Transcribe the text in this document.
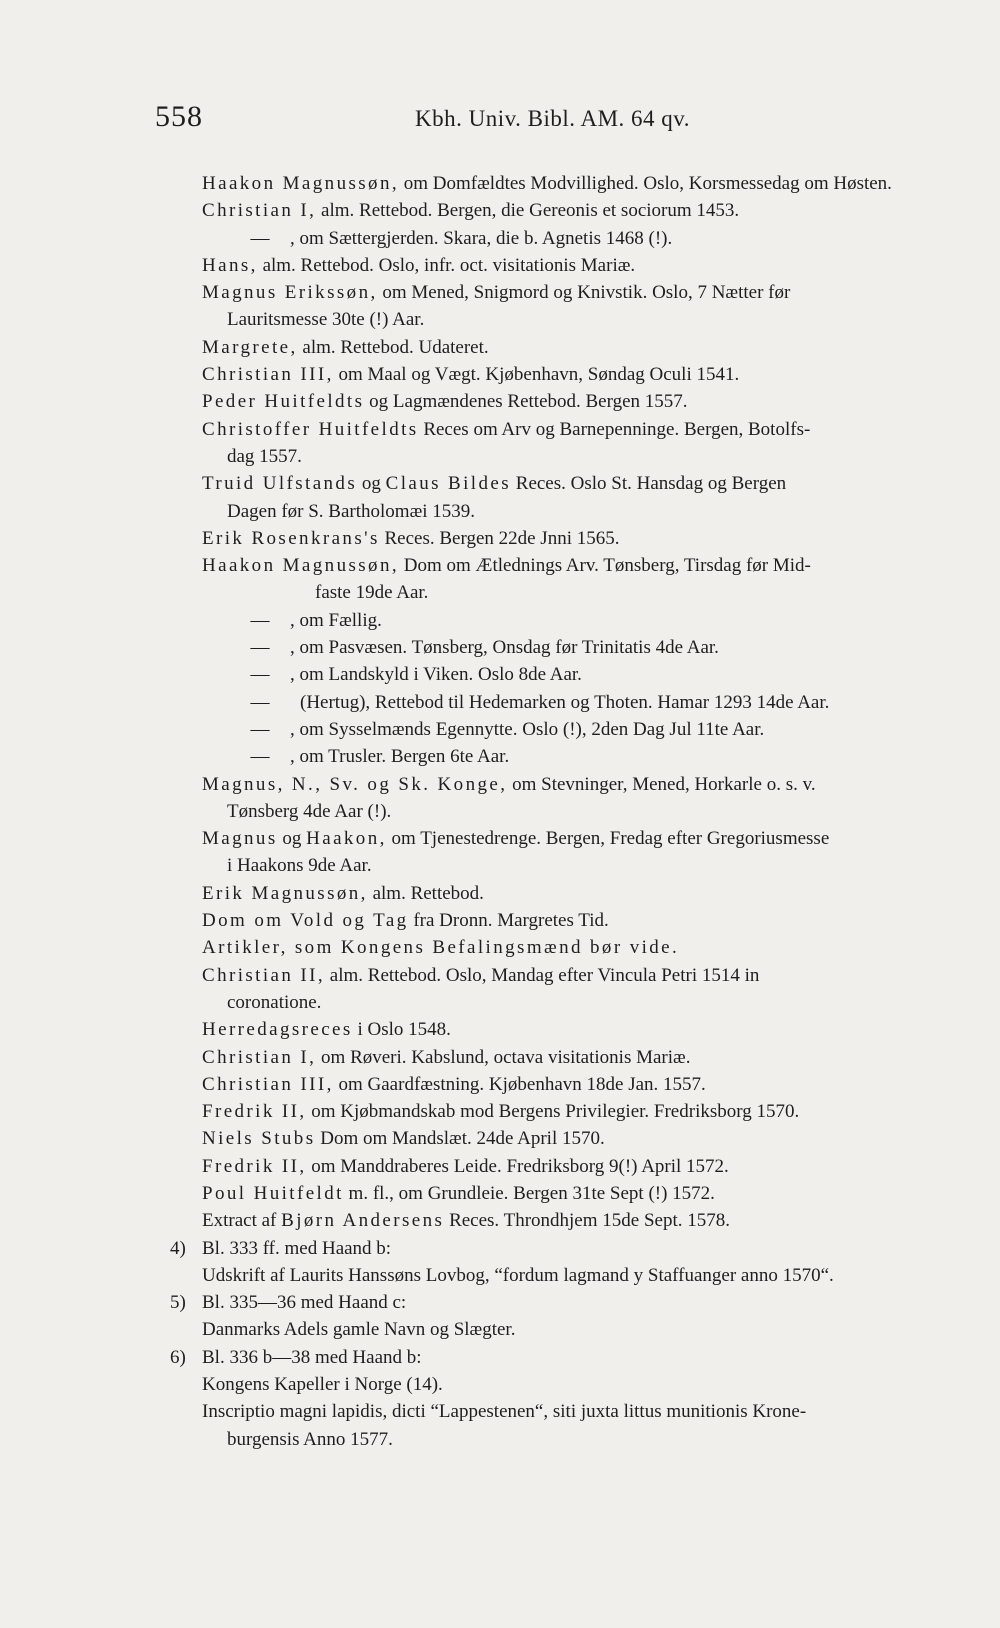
558	Kbh. Univ. Bibl. AM. 64 qv.
Haakon Magnussøn, om Domfældtes Modvillighed. Oslo, Korsmessedag om Høsten.
Christian I, alm. Rettebod. Bergen, die Gereonis et sociorum 1453.
— , om Sættergjerden. Skara, die b. Agnetis 1468 (!).
Hans, alm. Rettebod. Oslo, infr. oct. visitationis Mariæ.
Magnus Erikssøn, om Mened, Snigmord og Knivstik. Oslo, 7 Nætter før
Lauritsmesse 30te (!) Aar.
Margrete, alm. Rettebod. Udateret.
Christian III, om Maal og Vægt. Kjøbenhavn, Søndag Oculi 1541.
Peder Huitfeldts og Lagmændenes Rettebod. Bergen 1557.
Christoffer Huitfeldts Reces om Arv og Barnepenninge. Bergen, Botolfs-
dag 1557.
Truid Ulfstands og Claus Bildes Reces. Oslo St. Hansdag og Bergen
Dagen før S. Bartholomæi 1539.
Erik Rosenkrans's Reces. Bergen 22de Jnni 1565.
Haakon Magnussøn, Dom om Ætlednings Arv. Tønsberg, Tirsdag før Mid-
faste 19de Aar.
— , om Fællig.
— , om Pasvæsen. Tønsberg, Onsdag før Trinitatis 4de Aar.
— , om Landskyld i Viken. Oslo 8de Aar.
— (Hertug), Rettebod til Hedemarken og Thoten. Hamar 1293 14de Aar.
— , om Sysselmænds Egennytte. Oslo (!), 2den Dag Jul 11te Aar.
— , om Trusler. Bergen 6te Aar.
Magnus, N., Sv. og Sk. Konge, om Stevninger, Mened, Horkarle o. s. v.
Tønsberg 4de Aar (!).
Magnus og Haakon, om Tjenestedrenge. Bergen, Fredag efter Gregoriusmesse
i Haakons 9de Aar.
Erik Magnussøn, alm. Rettebod.
Dom om Vold og Tag fra Dronn. Margretes Tid.
Artikler, som Kongens Befalingsmænd bør vide.
Christian II, alm. Rettebod. Oslo, Mandag efter Vincula Petri 1514 in
coronatione.
Herredagsreces i Oslo 1548.
Christian I, om Røveri. Kabslund, octava visitationis Mariæ.
Christian III, om Gaardfæstning. Kjøbenhavn 18de Jan. 1557.
Fredrik II, om Kjøbmandskab mod Bergens Privilegier. Fredriksborg 1570.
Niels Stubs Dom om Mandslæt. 24de April 1570.
Fredrik II, om Manddraberes Leide. Fredriksborg 9(!) April 1572.
Poul Huitfeldt m. fl., om Grundleie. Bergen 31te Sept (!) 1572.
Extract af Bjørn Andersens Reces. Throndhjem 15de Sept. 1578.
4) Bl. 333 ff. med Haand b:
Udskrift af Laurits Hanssøns Lovbog, “fordum lagmand y Staffuanger anno 1570“.
5) Bl. 335—36 med Haand c:
Danmarks Adels gamle Navn og Slægter.
6) Bl. 336 b—38 med Haand b:
Kongens Kapeller i Norge (14).
Inscriptio magni lapidis, dicti “Lappestenen“, siti juxta littus munitionis Krone-
burgensis Anno 1577.
